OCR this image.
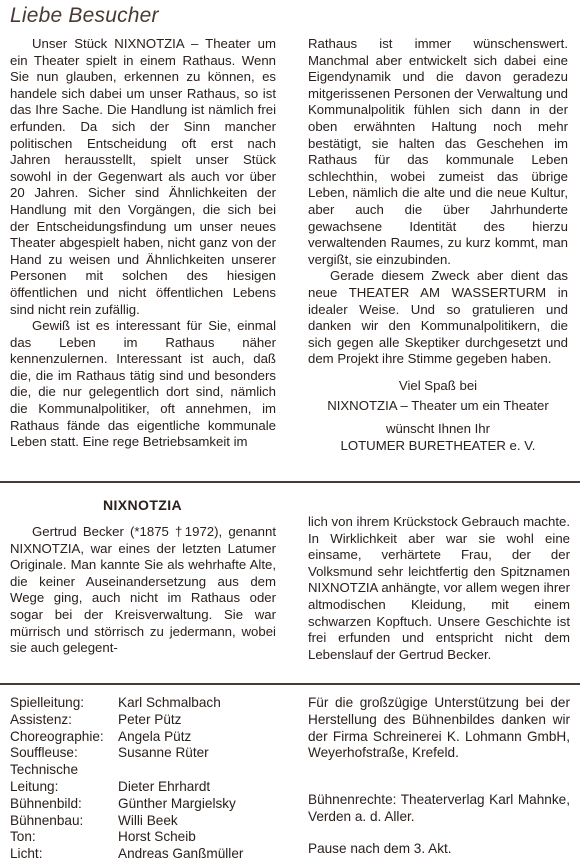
Liebe Besucher

Unser Stück NIXNOTZIA – Theater um ein Theater spielt in einem Rathaus. Wenn Sie nun glauben, erkennen zu können, es handele sich dabei um unser Rathaus, so ist das Ihre Sache. Die Handlung ist nämlich frei erfunden. Da sich der Sinn mancher politischen Entscheidung oft erst nach Jahren herausstellt, spielt unser Stück sowohl in der Gegenwart als auch vor über 20 Jahren. Sicher sind Ähnlichkeiten der Handlung mit den Vorgängen, die sich bei der Entscheidungsfindung um unser neues Theater abgespielt haben, nicht ganz von der Hand zu weisen und Ähnlichkeiten unserer Personen mit solchen des hiesigen öffentlichen und nicht öffentlichen Lebens sind nicht rein zufällig.

Gewiß ist es interessant für Sie, einmal das Leben im Rathaus näher kennenzulernen. Interessant ist auch, daß die, die im Rathaus tätig sind und besonders die, die nur gelegentlich dort sind, nämlich die Kommunalpolitiker, oft annehmen, im Rathaus fände das eigentliche kommunale Leben statt. Eine rege Betriebsamkeit im

Rathaus ist immer wünschenswert. Manchmal aber entwickelt sich dabei eine Eigendynamik und die davon geradezu mitgerissenen Personen der Verwaltung und Kommunalpolitik fühlen sich dann in der oben erwähnten Haltung noch mehr bestätigt, sie halten das Geschehen im Rathaus für das kommunale Leben schlechthin, wobei zumeist das übrige Leben, nämlich die alte und die neue Kultur, aber auch die über Jahrhunderte gewachsene Identität des hierzu verwaltenden Raumes, zu kurz kommt, man vergißt, sie einzubinden.

Gerade diesem Zweck aber dient das neue THEATER AM WASSERTURM in idealer Weise. Und so gratulieren und danken wir den Kommunalpolitikern, die sich gegen alle Skeptiker durchgesetzt und dem Projekt ihre Stimme gegeben haben.

Viel Spaß bei
NIXNOTZIA – Theater um ein Theater
wünscht Ihnen Ihr
LOTUMER BURETHEATER e. V.
NIXNOTZIA

Gertrud Becker (*1875 †1972), genannt NIXNOTZIA, war eines der letzten Latumer Originale. Man kannte Sie als wehrhafte Alte, die keiner Auseinandersetzung aus dem Wege ging, auch nicht im Rathaus oder sogar bei der Kreisverwaltung. Sie war mürrisch und störrisch zu jedermann, wobei sie auch gelegent-

lich von ihrem Krückstock Gebrauch machte. In Wirklichkeit aber war sie wohl eine einsame, verhärtete Frau, der der Volksmund sehr leichtfertig den Spitznamen NIXNOTZIA anhängte, vor allem wegen ihrer altmodischen Kleidung, mit einem schwarzen Kopftuch. Unsere Geschichte ist frei erfunden und entspricht nicht dem Lebenslauf der Gertrud Becker.

Spielleitung:	Karl Schmalbach
Assistenz:	Peter Pütz
Choreographie:	Angela Pütz
Souffleuse:	Susanne Rüter
Technische
Leitung:	Dieter Ehrhardt
Bühnenbild:	Günther Margielsky
Bühnenbau:	Willi Beek
Ton:	Horst Scheib
Licht:	Andreas Ganßmüller
Für die großzügige Unterstützung bei der Herstellung des Bühnenbildes danken wir der Firma Schreinerei K. Lohmann GmbH, Weyerhofstraße, Krefeld.
Bühnenrechte: Theaterverlag Karl Mahnke, Verden a. d. Aller.
Pause nach dem 3. Akt.
